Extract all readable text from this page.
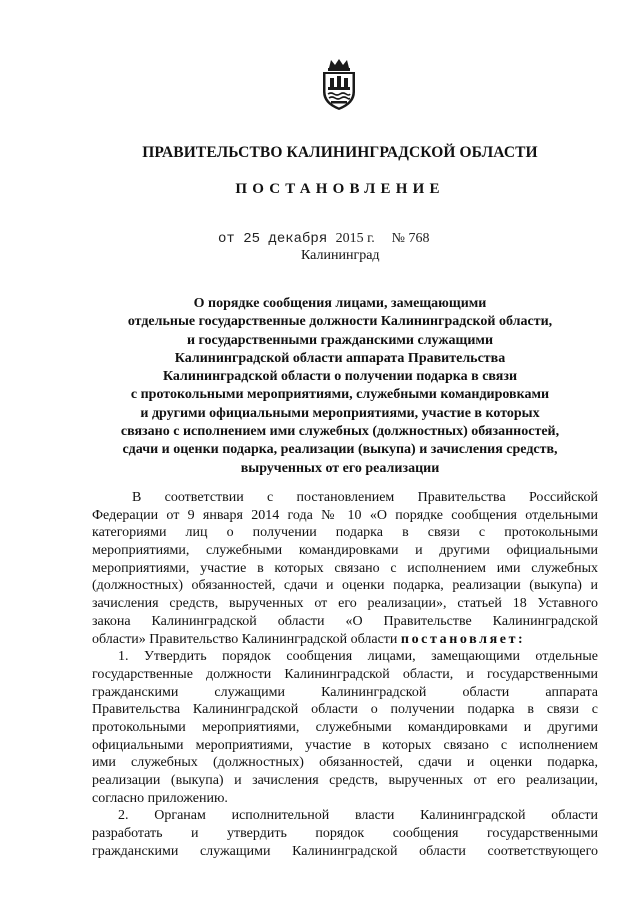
ПРАВИТЕЛЬСТВО КАЛИНИНГРАДСКОЙ ОБЛАСТИ
ПОСТАНОВЛЕНИЕ
от 25 декабря 2015 г. № 768
Калининград
О порядке сообщения лицами, замещающими
отдельные государственные должности Калининградской области,
и государственными гражданскими служащими
Калининградской области аппарата Правительства
Калининградской области о получении подарка в связи
с протокольными мероприятиями, служебными командировками
и другими официальными мероприятиями, участие в которых
связано с исполнением ими служебных (должностных) обязанностей,
сдачи и оценки подарка, реализации (выкупа) и зачисления средств,
вырученных от его реализации
В соответствии с постановлением Правительства Российской
Федерации от 9 января 2014 года № 10 «О порядке сообщения отдельными
категориями лиц о получении подарка в связи с протокольными
мероприятиями, служебными командировками и другими официальными
мероприятиями, участие в которых связано с исполнением ими служебных
(должностных) обязанностей, сдачи и оценки подарка, реализации (выкупа) и
зачисления средств, вырученных от его реализации», статьей 18 Уставного
закона Калининградской области «О Правительстве Калининградской
области» Правительство Калининградской области постановляет:
1. Утвердить порядок сообщения лицами, замещающими отдельные
государственные должности Калининградской области, и государственными
гражданскими служащими Калининградской области аппарата
Правительства Калининградской области о получении подарка в связи с
протокольными мероприятиями, служебными командировками и другими
официальными мероприятиями, участие в которых связано с исполнением
ими служебных (должностных) обязанностей, сдачи и оценки подарка,
реализации (выкупа) и зачисления средств, вырученных от его реализации,
согласно приложению.
2. Органам исполнительной власти Калининградской области
разработать и утвердить порядок сообщения государственными
гражданскими служащими Калининградской области соответствующего
